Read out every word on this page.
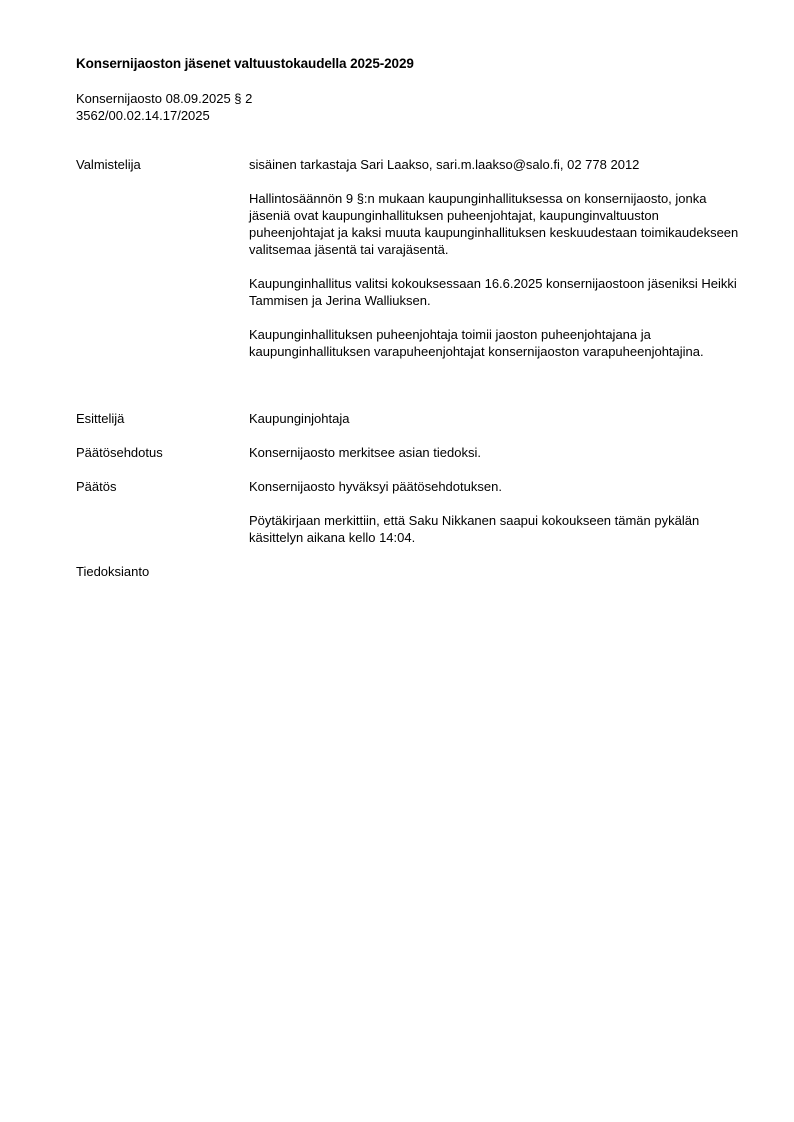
Konsernijaoston jäsenet valtuustokaudella 2025-2029
Konsernijaosto 08.09.2025 § 2
3562/00.02.14.17/2025
Valmistelija	sisäinen tarkastaja Sari Laakso, sari.m.laakso@salo.fi, 02 778 2012

Hallintosäännön 9 §:n mukaan kaupunginhallituksessa on konsernijaosto, jonka jäseniä ovat kaupunginhallituksen puheenjohtajat, kaupunginvaltuuston puheenjohtajat ja kaksi muuta kaupunginhallituksen keskuudestaan toimikaudekseen valitsemaa jäsentä tai varajäsentä.

Kaupunginhallitus valitsi kokouksessaan 16.6.2025 konsernijaostoon jäseniksi Heikki Tammisen ja Jerina Walliuksen.

Kaupunginhallituksen puheenjohtaja toimii jaoston puheenjohtajana ja kaupunginhallituksen varapuheenjohtajat konsernijaoston varapuheenjohtajina.

Esittelijä	Kaupunginjohtaja
Päätösehdotus	Konsernijaosto merkitsee asian tiedoksi.
Päätös	Konsernijaosto hyväksyi päätösehdotuksen.
Pöytäkirjaan merkittiin, että Saku Nikkanen saapui kokoukseen tämän pykälän käsittelyn aikana kello 14:04.
Tiedoksianto
